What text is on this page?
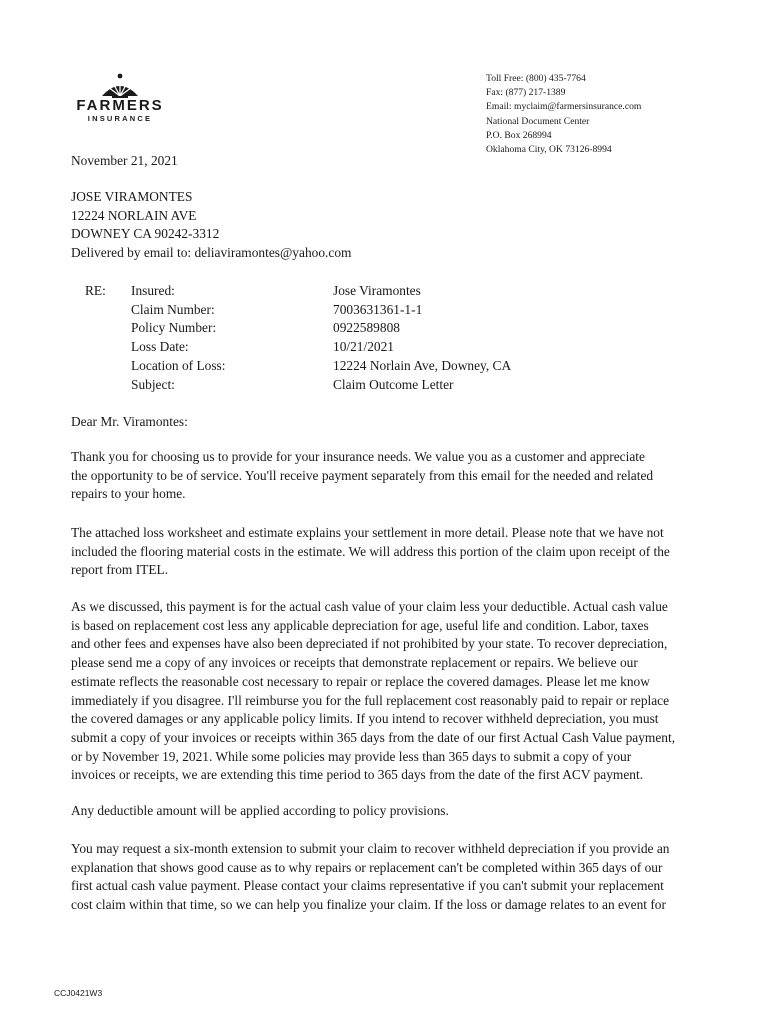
FARMERS
INSURANCE
Toll Free: (800) 435-7764
Fax: (877) 217-1389
Email: myclaim@farmersinsurance.com
National Document Center
P.O. Box 268994
Oklahoma City, OK 73126-8994
November 21, 2021
JOSE VIRAMONTES
12224 NORLAIN AVE
DOWNEY CA 90242-3312
Delivered by email to: deliaviramontes@yahoo.com
RE: Insured:	Jose Viramontes
Claim Number:	7003631361-1-1
Policy Number:	0922589808
Loss Date:	10/21/2021
Location of Loss:	12224 Norlain Ave, Downey, CA
Subject:	Claim Outcome Letter
Dear Mr. Viramontes:
Thank you for choosing us to provide for your insurance needs. We value you as a customer and appreciate
the opportunity to be of service. You'll receive payment separately from this email for the needed and related
repairs to your home.
The attached loss worksheet and estimate explains your settlement in more detail. Please note that we have not
included the flooring material costs in the estimate. We will address this portion of the claim upon receipt of the
report from ITEL.
As we discussed, this payment is for the actual cash value of your claim less your deductible. Actual cash value
is based on replacement cost less any applicable depreciation for age, useful life and condition. Labor, taxes
and other fees and expenses have also been depreciated if not prohibited by your state. To recover depreciation,
please send me a copy of any invoices or receipts that demonstrate replacement or repairs. We believe our
estimate reflects the reasonable cost necessary to repair or replace the covered damages. Please let me know
immediately if you disagree. I'll reimburse you for the full replacement cost reasonably paid to repair or replace
the covered damages or any applicable policy limits. If you intend to recover withheld depreciation, you must
submit a copy of your invoices or receipts within 365 days from the date of our first Actual Cash Value payment,
or by November 19, 2021. While some policies may provide less than 365 days to submit a copy of your
invoices or receipts, we are extending this time period to 365 days from the date of the first ACV payment.
Any deductible amount will be applied according to policy provisions.
You may request a six-month extension to submit your claim to recover withheld depreciation if you provide an
explanation that shows good cause as to why repairs or replacement can't be completed within 365 days of our
first actual cash value payment. Please contact your claims representative if you can't submit your replacement
cost claim within that time, so we can help you finalize your claim. If the loss or damage relates to an event for
CCJ0421W3
